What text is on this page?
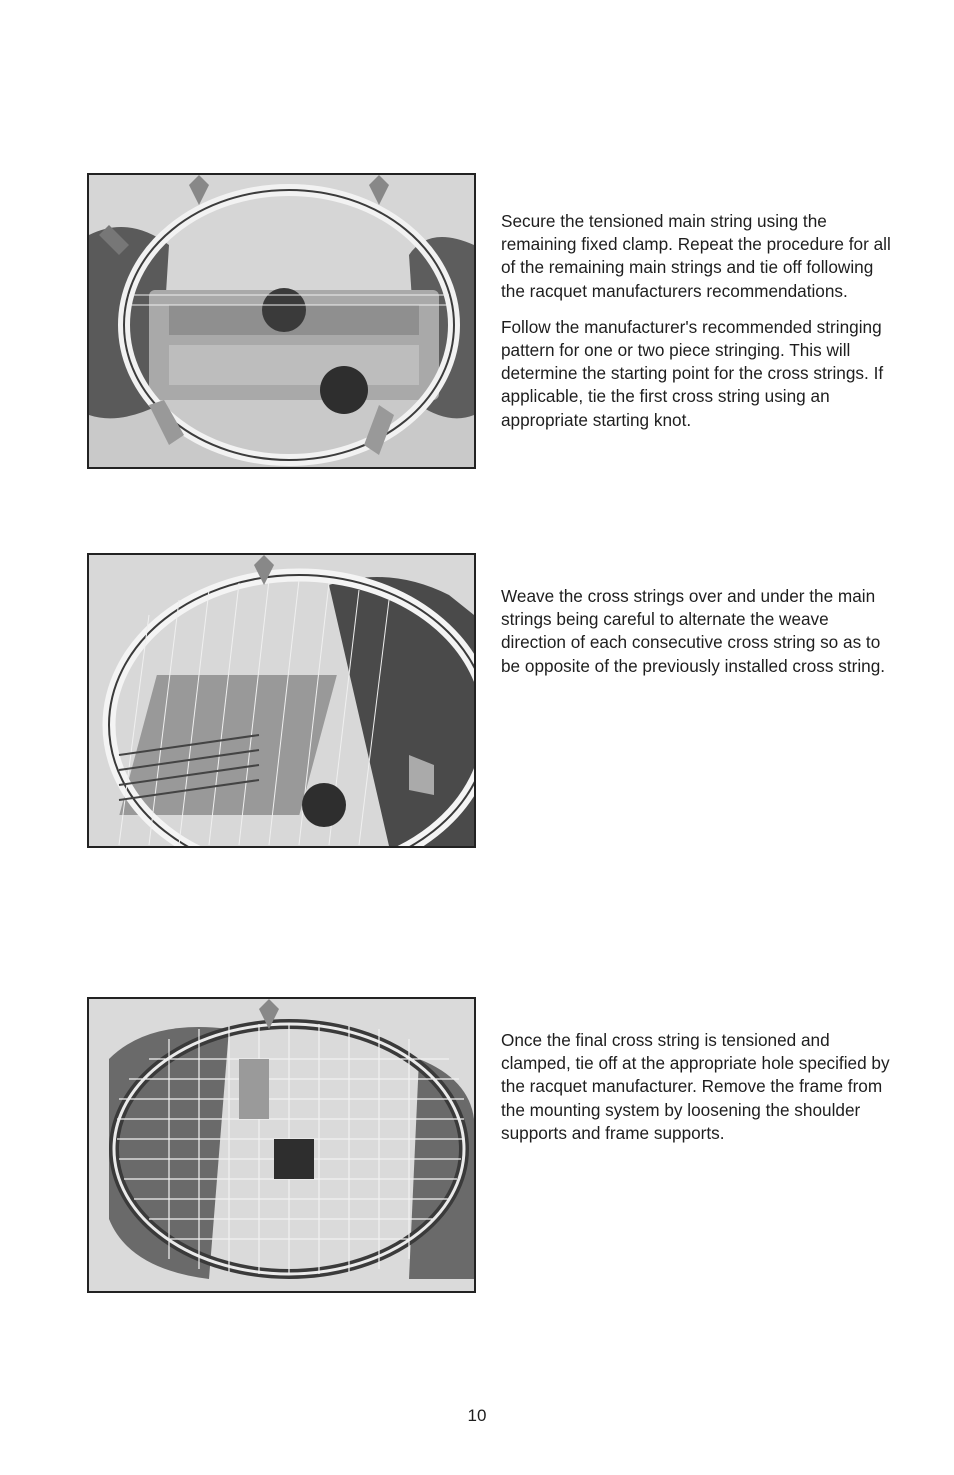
Secure the tensioned main string using the remaining fixed clamp. Repeat the procedure for all of the remaining main strings and tie off following the racquet manufacturers recommendations.

Follow the manufacturer's recommended stringing pattern for one or two piece stringing. This will determine the starting point for the cross strings. If applicable, tie the first cross string using an appropriate starting knot.

Weave the cross strings over and under the main strings being careful to alternate the weave direction of each consecutive cross string so as to be opposite of the previously installed cross string.

Once the final cross string is tensioned and clamped, tie off at the appropriate hole specified by the racquet manufacturer. Remove the frame from the mounting system by loosening the shoulder supports and frame supports.

10
